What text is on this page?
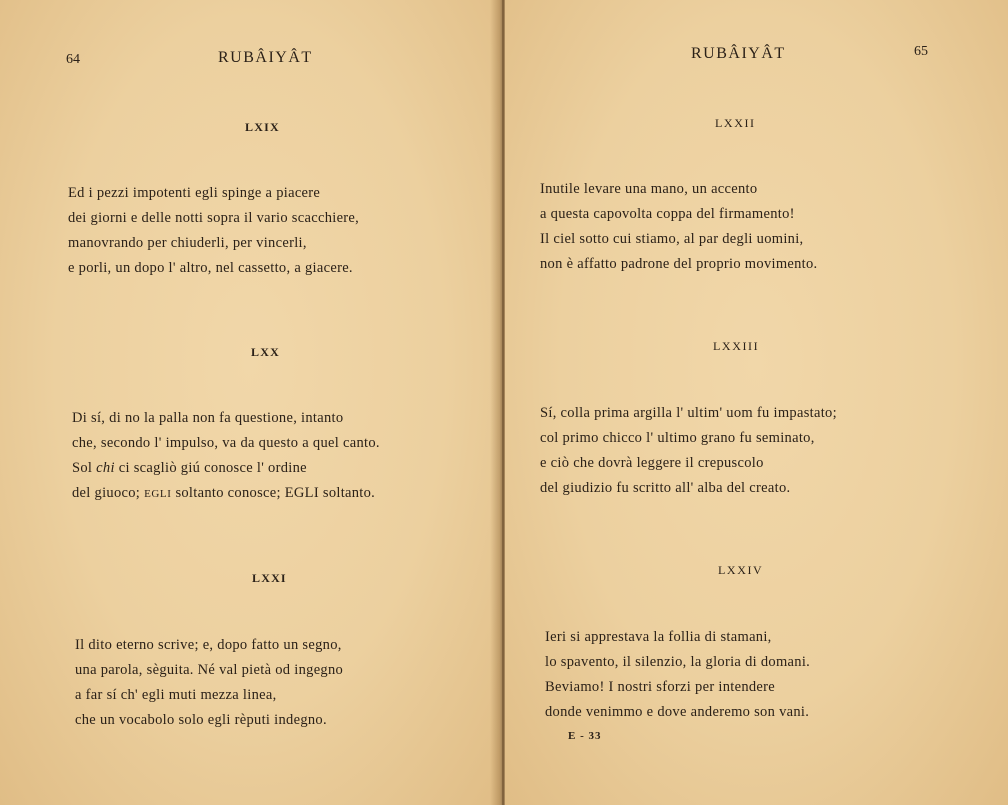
64	RUBÂIYÂT
LXIX
Ed i pezzi impotenti egli spinge a piacere
dei giorni e delle notti sopra il vario scacchiere,
manovrando per chiuderli, per vincerli,
e porli, un dopo l' altro, nel cassetto, a giacere.
LXX
Di sí, di no la palla non fa questione, intanto
che, secondo l' impulso, va da questo a quel canto.
Sol chi ci scagliò giú conosce l' ordine
del giuoco; EGLI soltanto conosce; EGLI soltanto.
LXXI
Il dito eterno scrive; e, dopo fatto un segno,
una parola, sèguita. Né val pietà od ingegno
a far sí ch' egli muti mezza linea,
che un vocabolo solo egli rèputi indegno.
RUBÂIYÂT	65
LXXII
Inutile levare una mano, un accento
a questa capovolta coppa del firmamento!
Il ciel sotto cui stiamo, al par degli uomini,
non è affatto padrone del proprio movimento.
LXXIII
Sí, colla prima argilla l' ultim' uom fu impastato;
col primo chicco l' ultimo grano fu seminato,
e ciò che dovrà leggere il crepuscolo
del giudizio fu scritto all' alba del creato.
LXXIV
Ieri si apprestava la follia di stamani,
lo spavento, il silenzio, la gloria di domani.
Beviamo! I nostri sforzi per intendere
donde venimmo e dove anderemo son vani.
E - 33
